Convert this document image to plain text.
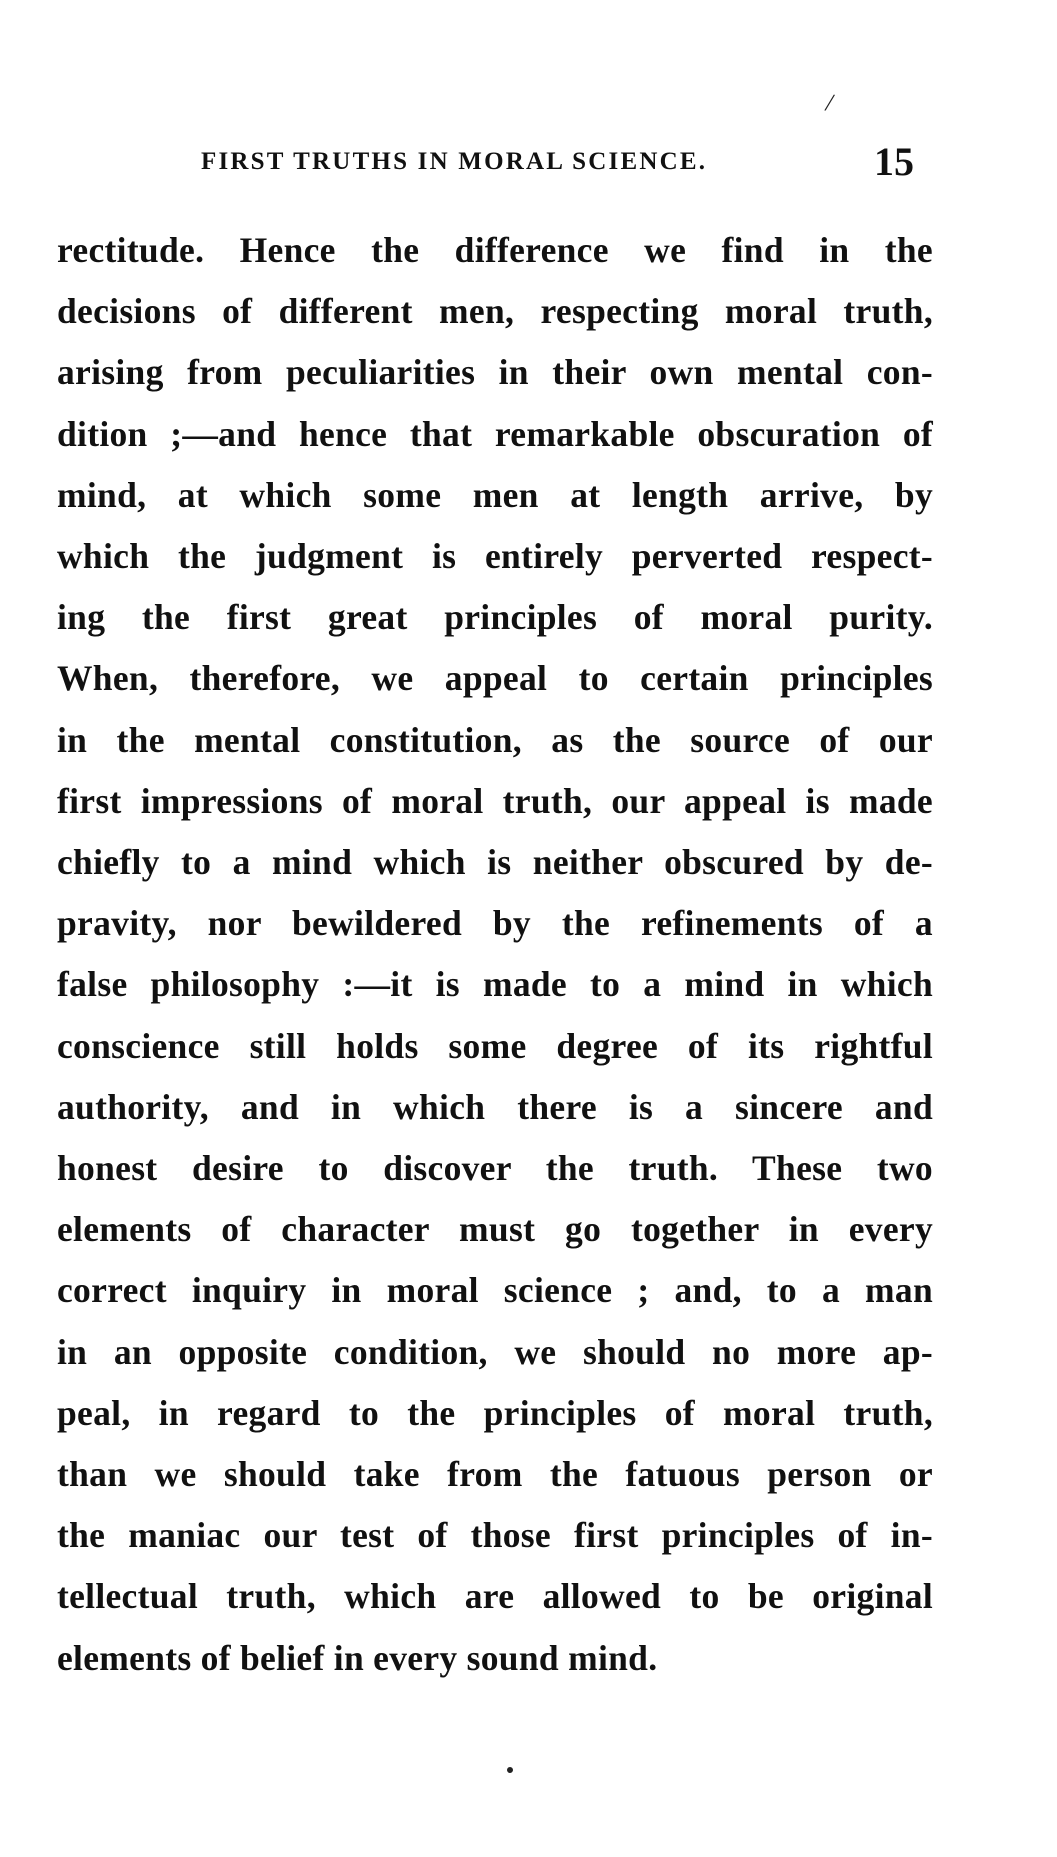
/
FIRST TRUTHS IN MORAL SCIENCE.	15
rectitude. Hence the difference we find in the
decisions of different men, respecting moral truth,
arising from peculiarities in their own mental con-
dition ;—and hence that remarkable obscuration of
mind, at which some men at length arrive, by
which the judgment is entirely perverted respect-
ing the first great principles of moral purity.
When, therefore, we appeal to certain principles
in the mental constitution, as the source of our
first impressions of moral truth, our appeal is made
chiefly to a mind which is neither obscured by de-
pravity, nor bewildered by the refinements of a
false philosophy :—it is made to a mind in which
conscience still holds some degree of its rightful
authority, and in which there is a sincere and
honest desire to discover the truth. These two
elements of character must go together in every
correct inquiry in moral science ; and, to a man
in an opposite condition, we should no more ap-
peal, in regard to the principles of moral truth,
than we should take from the fatuous person or
the maniac our test of those first principles of in-
tellectual truth, which are allowed to be original
elements of belief in every sound mind.
